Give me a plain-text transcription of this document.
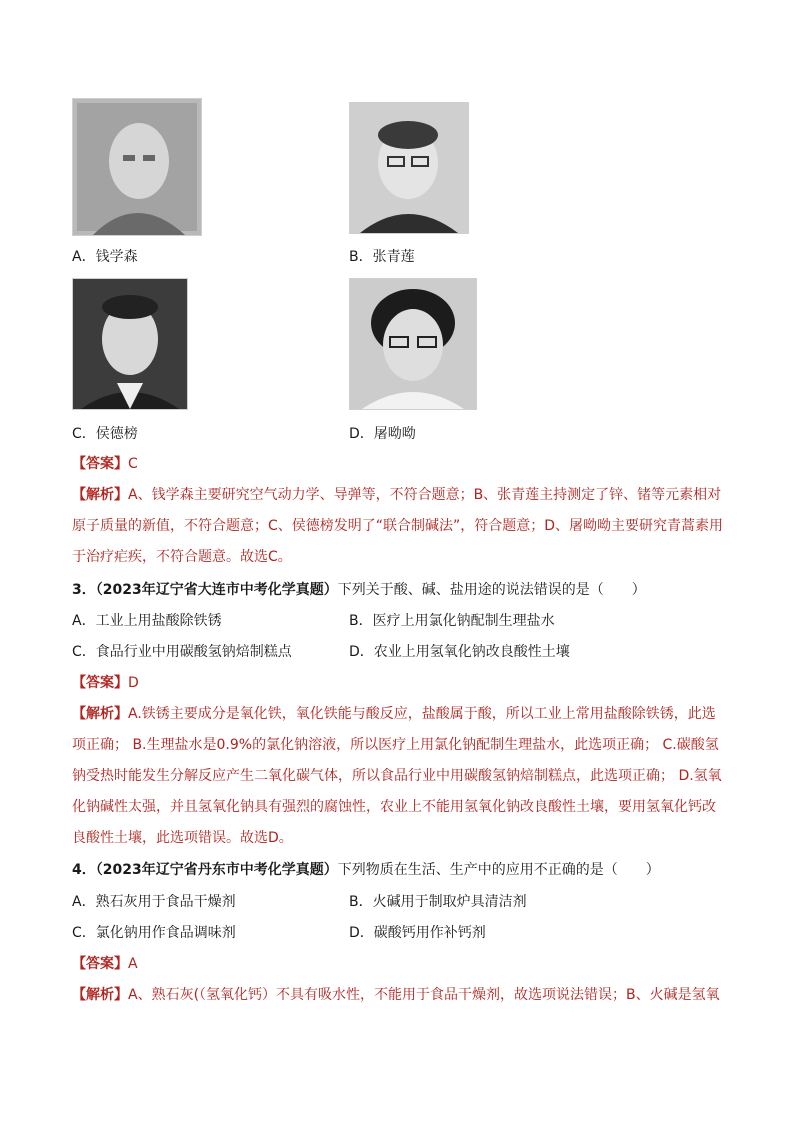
A．钱学森	B．张青莲
C．侯德榜	D．屠呦呦
【答案】C
【解析】A、钱学森主要研究空气动力学、导弹等，不符合题意；B、张青莲主持测定了锌、锗等元素相对
原子质量的新值，不符合题意；C、侯德榜发明了“联合制碱法”，符合题意；D、屠呦呦主要研究青蒿素用
于治疗疟疾，不符合题意。故选C。
3．（2023年辽宁省大连市中考化学真题）下列关于酸、碱、盐用途的说法错误的是（　　）
A．工业上用盐酸除铁锈	B．医疗上用氯化钠配制生理盐水
C．食品行业中用碳酸氢钠焙制糕点	D．农业上用氢氧化钠改良酸性土壤
【答案】D
【解析】A.铁锈主要成分是氧化铁，氧化铁能与酸反应，盐酸属于酸，所以工业上常用盐酸除铁锈，此选
项正确； B.生理盐水是0.9%的氯化钠溶液，所以医疗上用氯化钠配制生理盐水，此选项正确； C.碳酸氢
钠受热时能发生分解反应产生二氧化碳气体，所以食品行业中用碳酸氢钠焙制糕点，此选项正确； D.氢氧
化钠碱性太强，并且氢氧化钠具有强烈的腐蚀性，农业上不能用氢氧化钠改良酸性土壤，要用氢氧化钙改
良酸性土壤，此选项错误。故选D。
4．（2023年辽宁省丹东市中考化学真题）下列物质在生活、生产中的应用不正确的是（　　）
A．熟石灰用于食品干燥剂	B．火碱用于制取炉具清洁剂
C．氯化钠用作食品调味剂	D．碳酸钙用作补钙剂
【答案】A
【解析】A、熟石灰(（氢氧化钙）不具有吸水性，不能用于食品干燥剂，故选项说法错误；B、火碱是氢氧
